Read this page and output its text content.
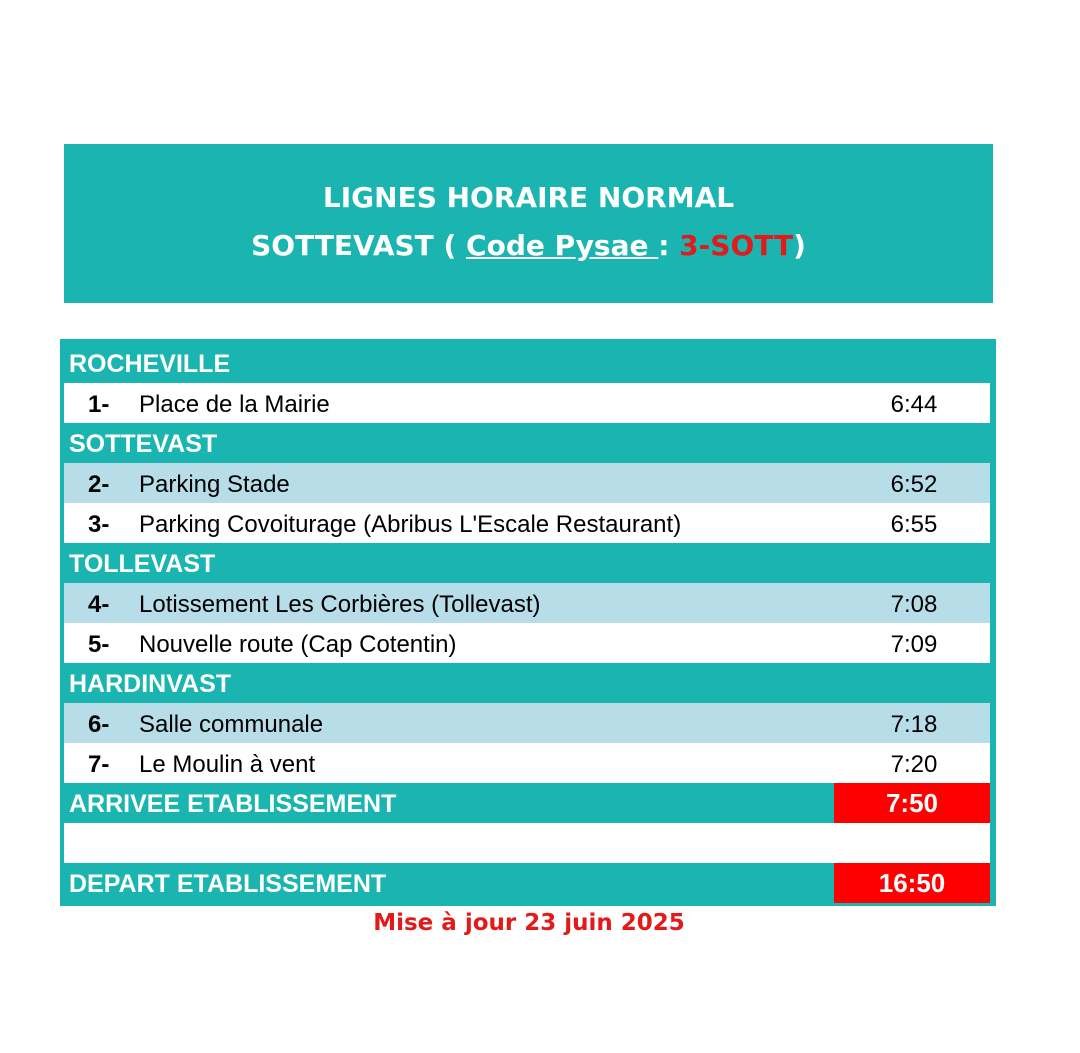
LIGNES HORAIRE NORMAL
SOTTEVAST ( Code Pysae : 3-SOTT)
ROCHEVILLE
1- Place de la Mairie	6:44
SOTTEVAST
2- Parking Stade	6:52
3- Parking Covoiturage (Abribus L'Escale Restaurant)	6:55
TOLLEVAST
4- Lotissement Les Corbières (Tollevast)	7:08
5- Nouvelle route (Cap Cotentin)	7:09
HARDINVAST
6- Salle communale	7:18
7- Le Moulin à vent	7:20
ARRIVEE ETABLISSEMENT	7:50
DEPART ETABLISSEMENT	16:50
Mise à jour 23 juin 2025
